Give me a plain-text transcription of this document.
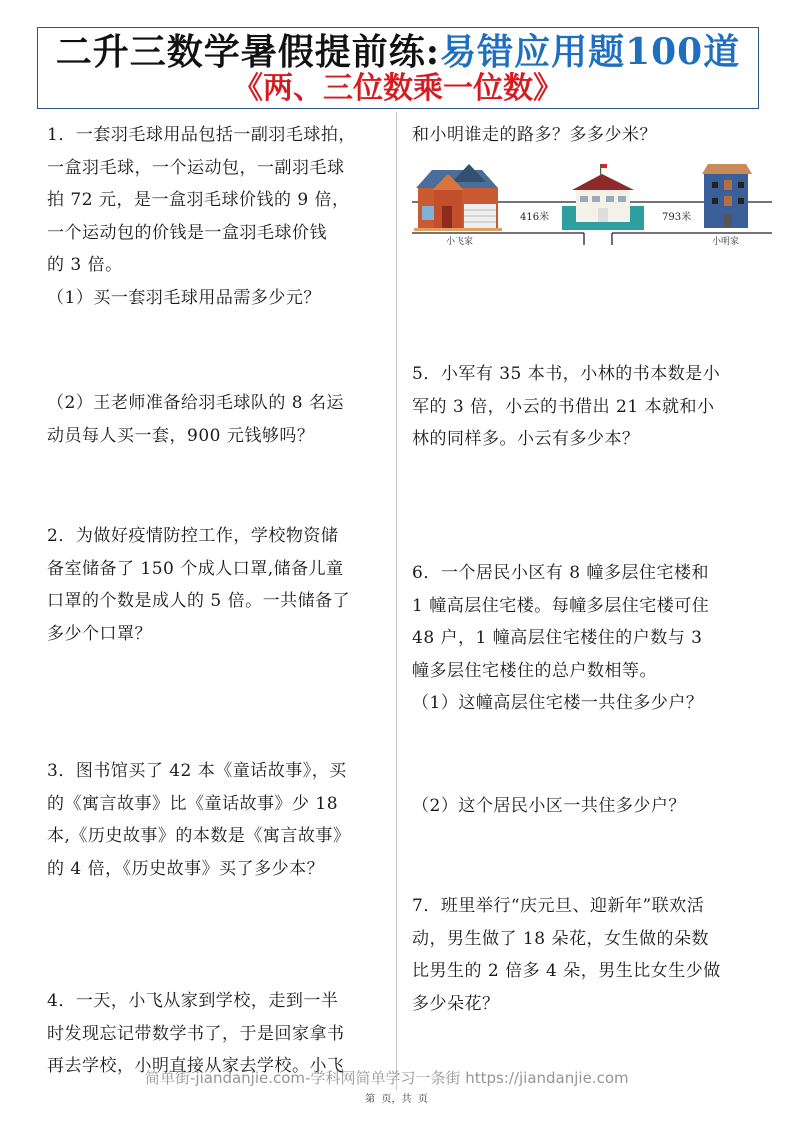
二升三数学暑假提前练:易错应用题100道
《两、三位数乘一位数》
1．一套羽毛球用品包括一副羽毛球拍，
一盒羽毛球，一个运动包，一副羽毛球
拍 72 元，是一盒羽毛球价钱的 9 倍，
一个运动包的价钱是一盒羽毛球价钱
的 3 倍。
（1）买一套羽毛球用品需多少元？
（2）王老师准备给羽毛球队的 8 名运
动员每人买一套，900 元钱够吗？
2．为做好疫情防控工作，学校物资储
备室储备了 150 个成人口罩,储备儿童
口罩的个数是成人的 5 倍。一共储备了
多少个口罩？
3．图书馆买了 42 本《童话故事》，买
的《寓言故事》比《童话故事》少 18
本,《历史故事》的本数是《寓言故事》
的 4 倍，《历史故事》买了多少本？
4．一天，小飞从家到学校，走到一半
时发现忘记带数学书了，于是回家拿书
再去学校，小明直接从家去学校。小飞
和小明谁走的路多？多多少米？
5．小军有 35 本书，小林的书本数是小
军的 3 倍，小云的书借出 21 本就和小
林的同样多。小云有多少本？
6．一个居民小区有 8 幢多层住宅楼和
1 幢高层住宅楼。每幢多层住宅楼可住
48 户，1 幢高层住宅楼住的户数与 3
幢多层住宅楼住的总户数相等。
（1）这幢高层住宅楼一共住多少户？
（2）这个居民小区一共住多少户？
7．班里举行“庆元旦、迎新年”联欢活
动，男生做了 18 朵花，女生做的朵数
比男生的 2 倍多 4 朵，男生比女生少做
多少朵花？
416米	793米
小飞家	小明家
简单街-jiandanjie.com-学科网简单学习一条街 https://jiandanjie.com
第  页，共  页
